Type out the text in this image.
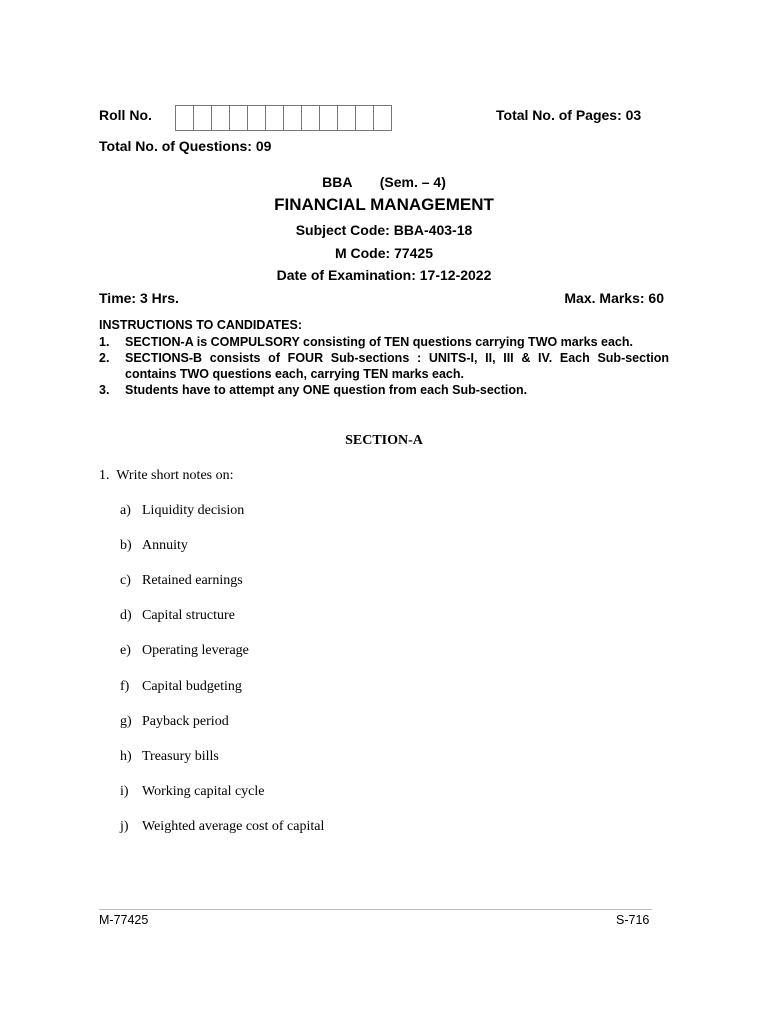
Roll No.	Total No. of Pages: 03
Total No. of Questions: 09
BBA (Sem. – 4)
FINANCIAL MANAGEMENT
Subject Code: BBA-403-18
M Code: 77425
Date of Examination: 17-12-2022
Time: 3 Hrs.	Max. Marks: 60
INSTRUCTIONS TO CANDIDATES:
1. SECTION-A is COMPULSORY consisting of TEN questions carrying TWO marks each.
2. SECTIONS-B consists of FOUR Sub-sections : UNITS-I, II, III & IV. Each Sub-section contains TWO questions each, carrying TEN marks each.
3. Students have to attempt any ONE question from each Sub-section.
SECTION-A
1.  Write short notes on:
a) Liquidity decision
b) Annuity
c) Retained earnings
d) Capital structure
e) Operating leverage
f) Capital budgeting
g) Payback period
h) Treasury bills
i) Working capital cycle
j) Weighted average cost of capital
M-77425	S-716
